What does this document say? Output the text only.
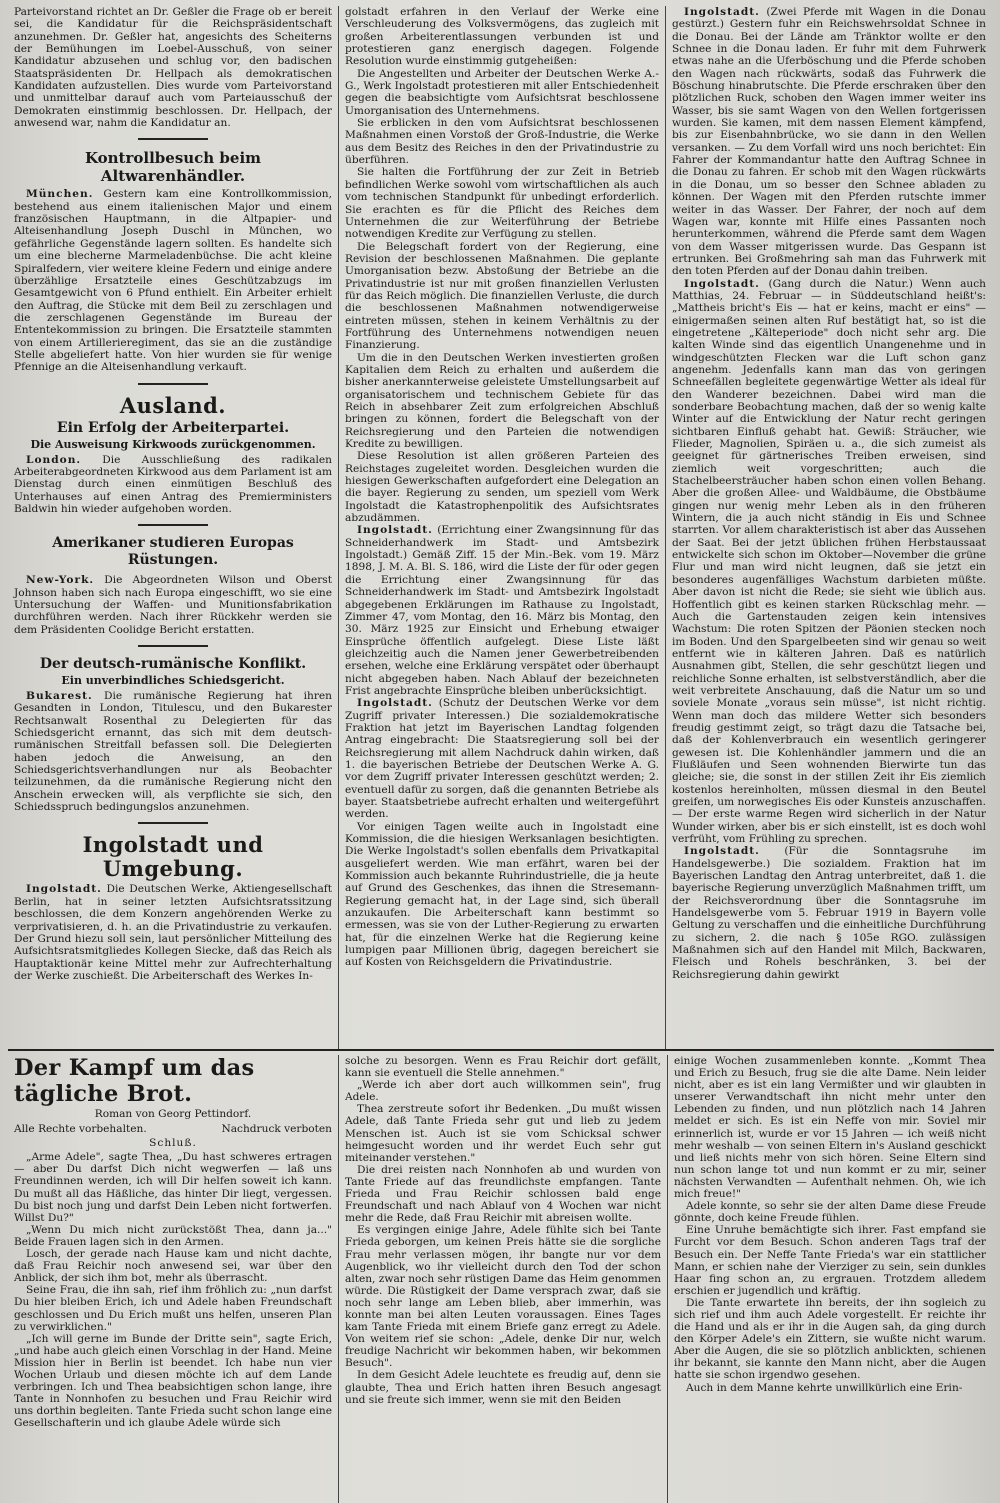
Parteivorstand richtet an Dr. Geßler die Frage ob er bereit sei, die Kandidatur für die Reichspräsidentschaft anzunehmen. Dr. Geßler hat, angesichts des Scheiterns der Bemühungen im Loebel-Ausschuß, von seiner Kandidatur abzusehen und schlug vor, den badischen Staatspräsidenten Dr. Hellpach als demokratischen Kandidaten aufzustellen. Dies wurde vom Parteivorstand und unmittelbar darauf auch vom Parteiausschuß der Demokraten einstimmig beschlossen. Dr. Hellpach, der anwesend war, nahm die Kandidatur an.

Kontrollbesuch beim Altwarenhändler.

München. Gestern kam eine Kontrollkommission, bestehend aus einem italienischen Major und einem französischen Hauptmann, in die Altpapier- und Alteisenhandlung Joseph Duschl in München, wo gefährliche Gegenstände lagern sollten. Es handelte sich um eine blecherne Marmeladenbüchse. Die acht kleine Spiralfedern, vier weitere kleine Federn und einige andere überzählige Ersatzteile eines Geschützabzugs im Gesamtgewicht von 6 Pfund enthielt. Ein Arbeiter erhielt den Auftrag, die Stücke mit dem Beil zu zerschlagen und die zerschlagenen Gegenstände im Bureau der Ententekommission zu bringen. Die Ersatzteile stammten von einem Artillerieregiment, das sie an die zuständige Stelle abgeliefert hatte. Von hier wurden sie für wenige Pfennige an die Alteisenhandlung verkauft.

Ausland.
Ein Erfolg der Arbeiterpartei.
Die Ausweisung Kirkwoods zurückgenommen.

London. Die Ausschließung des radikalen Arbeiterabgeordneten Kirkwood aus dem Parlament ist am Dienstag durch einen einmütigen Beschluß des Unterhauses auf einen Antrag des Premierministers Baldwin hin wieder aufgehoben worden.

Amerikaner studieren Europas Rüstungen.

New-York. Die Abgeordneten Wilson und Oberst Johnson haben sich nach Europa eingeschifft, wo sie eine Untersuchung der Waffen- und Munitionsfabrikation durchführen werden. Nach ihrer Rückkehr werden sie dem Präsidenten Coolidge Bericht erstatten.

Der deutsch-rumänische Konflikt.
Ein unverbindliches Schiedsgericht.

Bukarest. Die rumänische Regierung hat ihren Gesandten in London, Titulescu, und den Bukarester Rechtsanwalt Rosenthal zu Delegierten für das Schiedsgericht ernannt, das sich mit dem deutsch-rumänischen Streitfall befassen soll. Die Delegierten haben jedoch die Anweisung, an den Schiedsgerichtsverhandlungen nur als Beobachter teilzunehmen, da die rumänische Regierung nicht den Anschein erwecken will, als verpflichte sie sich, den Schiedsspruch bedingungslos anzunehmen.

Ingolstadt und Umgebung.

Ingolstadt. Die Deutschen Werke, Aktiengesellschaft Berlin, hat in seiner letzten Aufsichtsratssitzung beschlossen, die dem Konzern angehörenden Werke zu verprivatisieren, d. h. an die Privatindustrie zu verkaufen. Der Grund hiezu soll sein, laut persönlicher Mitteilung des Aufsichtsratsmitgliedes Kollegen Siecke, daß das Reich als Hauptaktionär keine Mittel mehr zur Aufrechterhaltung der Werke zuschießt. Die Arbeiterschaft des Werkes In-

golstadt erfahren in den Verlauf der Werke eine Verschleuderung des Volksvermögens, das zugleich mit großen Arbeiterentlassungen verbunden ist und protestieren ganz energisch dagegen. Folgende Resolution wurde einstimmig gutgeheißen:

Die Angestellten und Arbeiter der Deutschen Werke A.-G., Werk Ingolstadt protestieren mit aller Entschiedenheit gegen die beabsichtigte vom Aufsichtsrat beschlossene Umorganisation des Unternehmens.

Sie erblicken in den vom Aufsichtsrat beschlossenen Maßnahmen einen Vorstoß der Groß-Industrie, die Werke aus dem Besitz des Reiches in den der Privatindustrie zu überführen.

Sie halten die Fortführung der zur Zeit in Betrieb befindlichen Werke sowohl vom wirtschaftlichen als auch vom technischen Standpunkt für unbedingt erforderlich. Sie erachten es für die Pflicht des Reiches dem Unternehmen die zur Weiterführung der Betriebe notwendigen Kredite zur Verfügung zu stellen.

Die Belegschaft fordert von der Regierung, eine Revision der beschlossenen Maßnahmen. Die geplante Umorganisation bezw. Abstoßung der Betriebe an die Privatindustrie ist nur mit großen finanziellen Verlusten für das Reich möglich. Die finanziellen Verluste, die durch die beschlossenen Maßnahmen notwendigerweise eintreten müssen, stehen in keinem Verhältnis zu der Fortführung des Unternehmens notwendigen neuen Finanzierung.

Um die in den Deutschen Werken investierten großen Kapitalien dem Reich zu erhalten und außerdem die bisher anerkannterweise geleistete Umstellungsarbeit auf organisatorischem und technischem Gebiete für das Reich in absehbarer Zeit zum erfolgreichen Abschluß bringen zu können, fordert die Belegschaft von der Reichsregierung und den Parteien die notwendigen Kredite zu bewilligen.

Diese Resolution ist allen größeren Parteien des Reichstages zugeleitet worden. Desgleichen wurden die hiesigen Gewerkschaften aufgefordert eine Delegation an die bayer. Regierung zu senden, um speziell vom Werk Ingolstadt die Katastrophenpolitik des Aufsichtsrates abzudämmen.

Ingolstadt. (Errichtung einer Zwangsinnung für das Schneiderhandwerk im Stadt- und Amtsbezirk Ingolstadt.) Gemäß Ziff. 15 der Min.-Bek. vom 19. März 1898, J. M. A. Bl. S. 186, wird die Liste der für oder gegen die Errichtung einer Zwangsinnung für das Schneiderhandwerk im Stadt- und Amtsbezirk Ingolstadt abgegebenen Erklärungen im Rathause zu Ingolstadt, Zimmer 47, vom Montag, den 16. März bis Montag, den 30. März 1925 zur Einsicht und Erhebung etwaiger Einsprüche öffentlich aufgelegt. Diese Liste läßt gleichzeitig auch die Namen jener Gewerbetreibenden ersehen, welche eine Erklärung verspätet oder überhaupt nicht abgegeben haben. Nach Ablauf der bezeichneten Frist angebrachte Einsprüche bleiben unberücksichtigt.

Ingolstadt. (Schutz der Deutschen Werke vor dem Zugriff privater Interessen.) Die sozialdemokratische Fraktion hat jetzt im Bayerischen Landtag folgenden Antrag eingebracht: Die Staatsregierung soll bei der Reichsregierung mit allem Nachdruck dahin wirken, daß 1. die bayerischen Betriebe der Deutschen Werke A. G. vor dem Zugriff privater Interessen geschützt werden; 2. eventuell dafür zu sorgen, daß die genannten Betriebe als bayer. Staatsbetriebe aufrecht erhalten und weitergeführt werden.

Vor einigen Tagen weilte auch in Ingolstadt eine Kommission, die die hiesigen Werksanlagen besichtigten. Die Werke Ingolstadt's sollen ebenfalls dem Privatkapital ausgeliefert werden. Wie man erfährt, waren bei der Kommission auch bekannte Ruhrindustrielle, die ja heute auf Grund des Geschenkes, das ihnen die Stresemann-Regierung gemacht hat, in der Lage sind, sich überall anzukaufen. Die Arbeiterschaft kann bestimmt so ermessen, was sie von der Luther-Regierung zu erwarten hat, für die einzelnen Werke hat die Regierung keine lumpigen paar Millionen übrig, dagegen bereichert sie auf Kosten von Reichsgeldern die Privatindustrie.

Ingolstadt. (Zwei Pferde mit Wagen in die Donau gestürzt.) Gestern fuhr ein Reichswehrsoldat Schnee in die Donau. Bei der Lände am Tränktor wollte er den Schnee in die Donau laden. Er fuhr mit dem Fuhrwerk etwas nahe an die Uferböschung und die Pferde schoben den Wagen nach rückwärts, sodaß das Fuhrwerk die Böschung hinabrutschte. Die Pferde erschraken über den plötzlichen Ruck, schoben den Wagen immer weiter ins Wasser, bis sie samt Wagen von den Wellen fortgerissen wurden. Sie kamen, mit dem nassen Element kämpfend, bis zur Eisenbahnbrücke, wo sie dann in den Wellen versanken. — Zu dem Vorfall wird uns noch berichtet: Ein Fahrer der Kommandantur hatte den Auftrag Schnee in die Donau zu fahren. Er schob mit den Wagen rückwärts in die Donau, um so besser den Schnee abladen zu können. Der Wagen mit den Pferden rutschte immer weiter in das Wasser. Der Fahrer, der noch auf dem Wagen war, konnte mit Hilfe eines Passanten noch herunterkommen, während die Pferde samt dem Wagen von dem Wasser mitgerissen wurde. Das Gespann ist ertrunken. Bei Großmehring sah man das Fuhrwerk mit den toten Pferden auf der Donau dahin treiben.

Ingolstadt. (Gang durch die Natur.) Wenn auch Matthias, 24. Februar — in Süddeutschland heißt's: „Mattheis bricht's Eis — hat er keins, macht er eins" — einigermaßen seinen alten Ruf bestätigt hat, so ist die eingetretene „Kälteperiode" doch nicht sehr arg. Die kalten Winde sind das eigentlich Unangenehme und in windgeschützten Flecken war die Luft schon ganz angenehm. Jedenfalls kann man das von geringen Schneefällen begleitete gegenwärtige Wetter als ideal für den Wanderer bezeichnen. Dabei wird man die sonderbare Beobachtung machen, daß der so wenig kalte Winter auf die Entwicklung der Natur recht geringen sichtbaren Einfluß gehabt hat. Gewiß: Sträucher, wie Flieder, Magnolien, Spiräen u. a., die sich zumeist als geeignet für gärtnerisches Treiben erweisen, sind ziemlich weit vorgeschritten; auch die Stachelbeersträucher haben schon einen vollen Behang. Aber die großen Allee- und Waldbäume, die Obstbäume gingen nur wenig mehr Leben als in den früheren Wintern, die ja auch nicht ständig in Eis und Schnee starrten. Vor allem charakteristisch ist aber das Aussehen der Saat. Bei der jetzt üblichen frühen Herbstaussaat entwickelte sich schon im Oktober—November die grüne Flur und man wird nicht leugnen, daß sie jetzt ein besonderes augenfälliges Wachstum darbieten müßte. Aber davon ist nicht die Rede; sie sieht wie üblich aus. Hoffentlich gibt es keinen starken Rückschlag mehr. — Auch die Gartenstauden zeigen kein intensives Wachstum: Die roten Spitzen der Päonien stecken noch im Boden. Und den Spargelbeeten sind wir genau so weit entfernt wie in kälteren Jahren. Daß es natürlich Ausnahmen gibt, Stellen, die sehr geschützt liegen und reichliche Sonne erhalten, ist selbstverständlich, aber die weit verbreitete Anschauung, daß die Natur um so und soviele Monate „voraus sein müsse", ist nicht richtig. Wenn man doch das mildere Wetter sich besonders freudig gestimmt zeigt, so trägt dazu die Tatsache bei, daß der Kohlenverbrauch ein wesentlich geringerer gewesen ist. Die Kohlenhändler jammern und die an Flußläufen und Seen wohnenden Bierwirte tun das gleiche; sie, die sonst in der stillen Zeit ihr Eis ziemlich kostenlos hereinholten, müssen diesmal in den Beutel greifen, um norwegisches Eis oder Kunsteis anzuschaffen. — Der erste warme Regen wird sicherlich in der Natur Wunder wirken, aber bis er sich einstellt, ist es doch wohl verfrüht, vom Frühling zu sprechen.

Ingolstadt. (Für die Sonntagsruhe im Handelsgewerbe.) Die sozialdem. Fraktion hat im Bayerischen Landtag den Antrag unterbreitet, daß 1. die bayerische Regierung unverzüglich Maßnahmen trifft, um der Reichsverordnung über die Sonntagsruhe im Handelsgewerbe vom 5. Februar 1919 in Bayern volle Geltung zu verschaffen und die einheitliche Durchführung zu sichern, 2. die nach § 105e RGO. zulässigen Maßnahmen sich auf den Handel mit Milch, Backwaren, Fleisch und Rohels beschränken, 3. bei der Reichsregierung dahin gewirkt

Der Kampf um das tägliche Brot.
Roman von Georg Pettindorf.
Alle Rechte vorbehalten.	Nachdruck verboten
Schluß.

„Arme Adele", sagte Thea, „Du hast schweres ertragen — aber Du darfst Dich nicht wegwerfen — laß uns Freundinnen werden, ich will Dir helfen soweit ich kann. Du mußt all das Häßliche, das hinter Dir liegt, vergessen. Du bist noch jung und darfst Dein Leben nicht fortwerfen. Willst Du?"

„Wenn Du mich nicht zurückstößt Thea, dann ja..." Beide Frauen lagen sich in den Armen.

Losch, der gerade nach Hause kam und nicht dachte, daß Frau Reichir noch anwesend sei, war über den Anblick, der sich ihm bot, mehr als überrascht.

Seine Frau, die ihn sah, rief ihm fröhlich zu: „nun darfst Du hier bleiben Erich, ich und Adele haben Freundschaft geschlossen und Du Erich mußt uns helfen, unseren Plan zu verwirklichen."

„Ich will gerne im Bunde der Dritte sein", sagte Erich, „und habe auch gleich einen Vorschlag in der Hand. Meine Mission hier in Berlin ist beendet. Ich habe nun vier Wochen Urlaub und diesen möchte ich auf dem Lande verbringen. Ich und Thea beabsichtigen schon lange, ihre Tante in Nonnhofen zu besuchen und Frau Reichir wird uns dorthin begleiten. Tante Frieda sucht schon lange eine Gesellschafterin und ich glaube Adele würde sich

solche zu besorgen. Wenn es Frau Reichir dort gefällt, kann sie eventuell die Stelle annehmen."

„Werde ich aber dort auch willkommen sein", frug Adele.

Thea zerstreute sofort ihr Bedenken. „Du mußt wissen Adele, daß Tante Frieda sehr gut und lieb zu jedem Menschen ist. Auch ist sie vom Schicksal schwer heimgesucht worden und ihr werdet Euch sehr gut miteinander verstehen."

Die drei reisten nach Nonnhofen ab und wurden von Tante Friede auf das freundlichste empfangen. Tante Frieda und Frau Reichir schlossen bald enge Freundschaft und nach Ablauf von 4 Wochen war nicht mehr die Rede, daß Frau Reichir mit abreisen wollte.

Es vergingen einige Jahre, Adele fühlte sich bei Tante Frieda geborgen, um keinen Preis hätte sie die sorgliche Frau mehr verlassen mögen, ihr bangte nur vor dem Augenblick, wo ihr vielleicht durch den Tod der schon alten, zwar noch sehr rüstigen Dame das Heim genommen würde. Die Rüstigkeit der Dame versprach zwar, daß sie noch sehr lange am Leben blieb, aber immerhin, was konnte man bei alten Leuten voraussagen. Eines Tages kam Tante Frieda mit einem Briefe ganz erregt zu Adele. Von weitem rief sie schon: „Adele, denke Dir nur, welch freudige Nachricht wir bekommen haben, wir bekommen Besuch".

In dem Gesicht Adele leuchtete es freudig auf, denn sie glaubte, Thea und Erich hatten ihren Besuch angesagt und sie freute sich immer, wenn sie mit den Beiden

einige Wochen zusammenleben konnte. „Kommt Thea und Erich zu Besuch, frug sie die alte Dame. Nein leider nicht, aber es ist ein lang Vermißter und wir glaubten in unserer Verwandtschaft ihn nicht mehr unter den Lebenden zu finden, und nun plötzlich nach 14 Jahren meldet er sich. Es ist ein Neffe von mir. Soviel mir erinnerlich ist, wurde er vor 15 Jahren — ich weiß nicht mehr weshalb — von seinen Eltern in's Ausland geschickt und ließ nichts mehr von sich hören. Seine Eltern sind nun schon lange tot und nun kommt er zu mir, seiner nächsten Verwandten — Aufenthalt nehmen. Oh, wie ich mich freue!"

Adele konnte, so sehr sie der alten Dame diese Freude gönnte, doch keine Freude fühlen.

Eine Unruhe bemächtigte sich ihrer. Fast empfand sie Furcht vor dem Besuch. Schon anderen Tags traf der Besuch ein. Der Neffe Tante Frieda's war ein stattlicher Mann, er schien nahe der Vierziger zu sein, sein dunkles Haar fing schon an, zu ergrauen. Trotzdem alledem erschien er jugendlich und kräftig.

Die Tante erwartete ihn bereits, der ihn sogleich zu sich rief und ihm auch Adele vorgestellt. Er reichte ihr die Hand und als er ihr in die Augen sah, da ging durch den Körper Adele's ein Zittern, sie wußte nicht warum. Aber die Augen, die sie so plötzlich anblickten, schienen ihr bekannt, sie kannte den Mann nicht, aber die Augen hatte sie schon irgendwo gesehen.

Auch in dem Manne kehrte unwillkürlich eine Erin-
